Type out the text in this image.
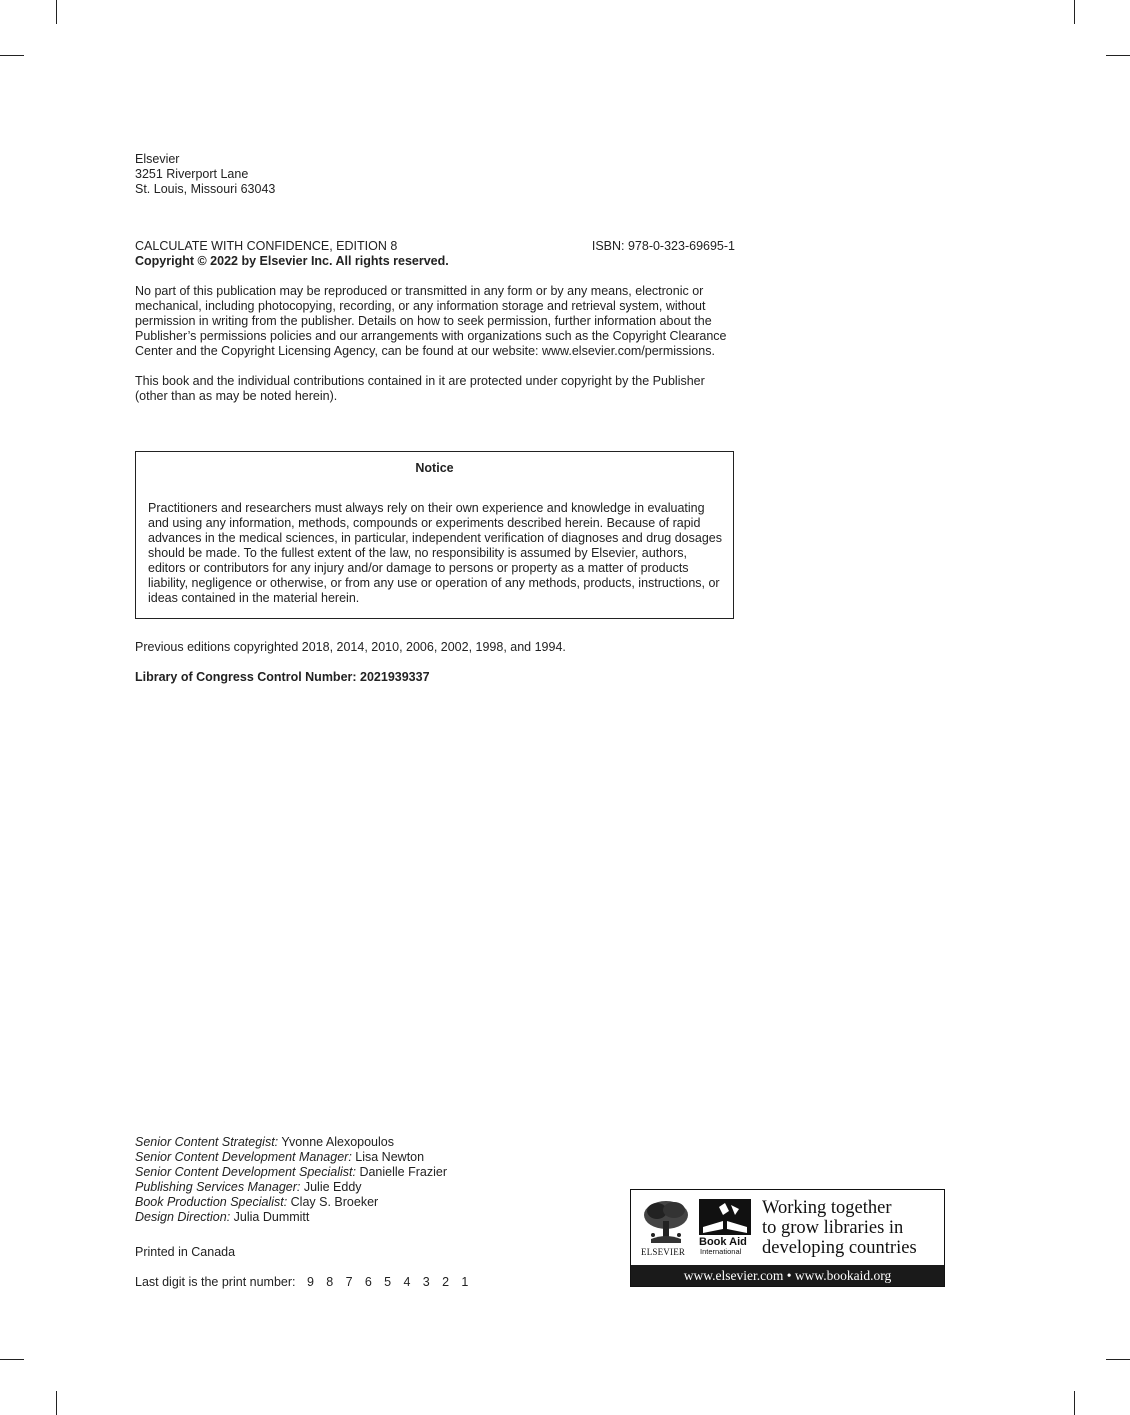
Elsevier
3251 Riverport Lane
St. Louis, Missouri 63043
CALCULATE WITH CONFIDENCE, EDITION 8	ISBN: 978-0-323-69695-1
Copyright © 2022 by Elsevier Inc. All rights reserved.
No part of this publication may be reproduced or transmitted in any form or by any means, electronic or mechanical, including photocopying, recording, or any information storage and retrieval system, without permission in writing from the publisher. Details on how to seek permission, further information about the Publisher’s permissions policies and our arrangements with organizations such as the Copyright Clearance Center and the Copyright Licensing Agency, can be found at our website: www.elsevier.com/permissions.
This book and the individual contributions contained in it are protected under copyright by the Publisher (other than as may be noted herein).
Notice
Practitioners and researchers must always rely on their own experience and knowledge in evaluating and using any information, methods, compounds or experiments described herein. Because of rapid advances in the medical sciences, in particular, independent verification of diagnoses and drug dosages should be made. To the fullest extent of the law, no responsibility is assumed by Elsevier, authors, editors or contributors for any injury and/or damage to persons or property as a matter of products liability, negligence or otherwise, or from any use or operation of any methods, products, instructions, or ideas contained in the material herein.
Previous editions copyrighted 2018, 2014, 2010, 2006, 2002, 1998, and 1994.
Library of Congress Control Number: 2021939337
Senior Content Strategist: Yvonne Alexopoulos
Senior Content Development Manager: Lisa Newton
Senior Content Development Specialist: Danielle Frazier
Publishing Services Manager: Julie Eddy
Book Production Specialist: Clay S. Broeker
Design Direction: Julia Dummitt
Printed in Canada
Last digit is the print number: 9 8 7 6 5 4 3 2 1
ELSEVIER
Book Aid
International
Working together
to grow libraries in
developing countries
www.elsevier.com • www.bookaid.org
